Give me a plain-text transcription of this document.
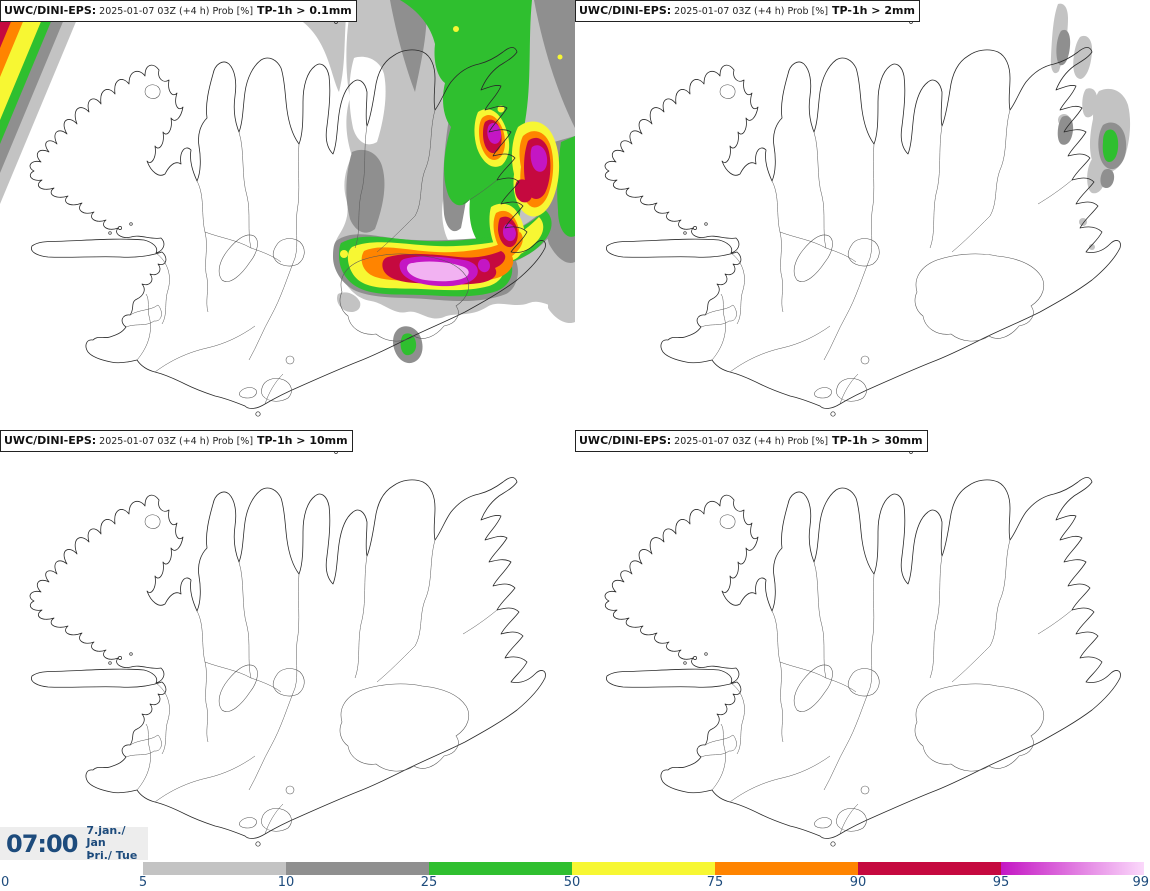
UWC/DINI-EPS: 2025-01-07 03Z (+4 h) Prob [%] TP-1h > 0.1mm	UWC/DINI-EPS: 2025-01-07 03Z (+4 h) Prob [%] TP-1h > 2mm
UWC/DINI-EPS: 2025-01-07 03Z (+4 h) Prob [%] TP-1h > 10mm	UWC/DINI-EPS: 2025-01-07 03Z (+4 h) Prob [%] TP-1h > 30mm
07:00 7.jan./ Jan
Þri./ Tue
0	5	10	25	50	75	90	95	99
